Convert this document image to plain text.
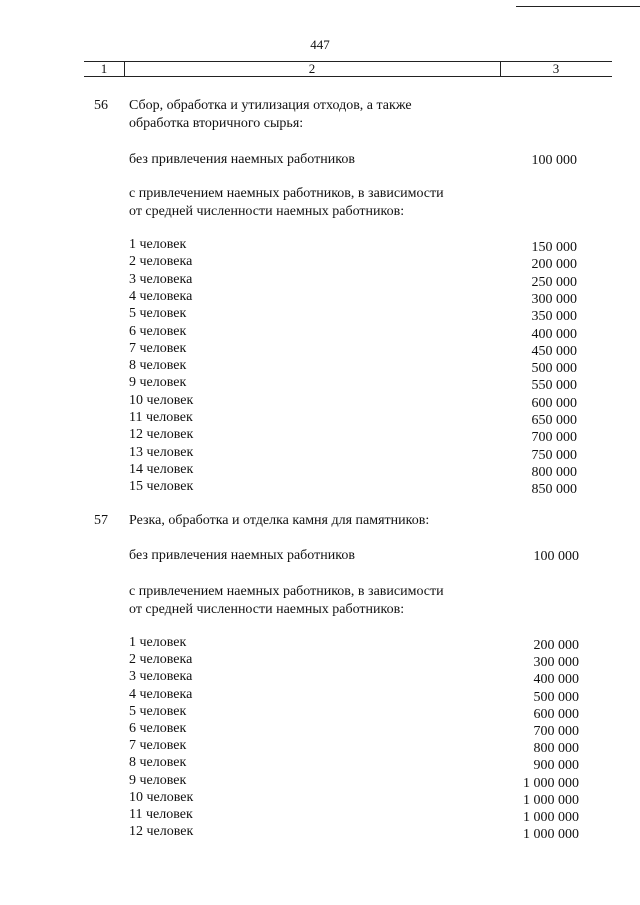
447
1	2	3
56 Сбор, обработка и утилизация отходов, а также
обработка вторичного сырья:
без привлечения наемных работников	100 000
с привлечением наемных работников, в зависимости
от средней численности наемных работников:
1 человек	150 000
2 человека	200 000
3 человека	250 000
4 человека	300 000
5 человек	350 000
6 человек	400 000
7 человек	450 000
8 человек	500 000
9 человек	550 000
10 человек	600 000
11 человек	650 000
12 человек	700 000
13 человек	750 000
14 человек	800 000
15 человек	850 000
57 Резка, обработка и отделка камня для памятников:
без привлечения наемных работников	100 000
с привлечением наемных работников, в зависимости
от средней численности наемных работников:
1 человек	200 000
2 человека	300 000
3 человека	400 000
4 человека	500 000
5 человек	600 000
6 человек	700 000
7 человек	800 000
8 человек	900 000
9 человек	1 000 000
10 человек	1 000 000
11 человек	1 000 000
12 человек	1 000 000
